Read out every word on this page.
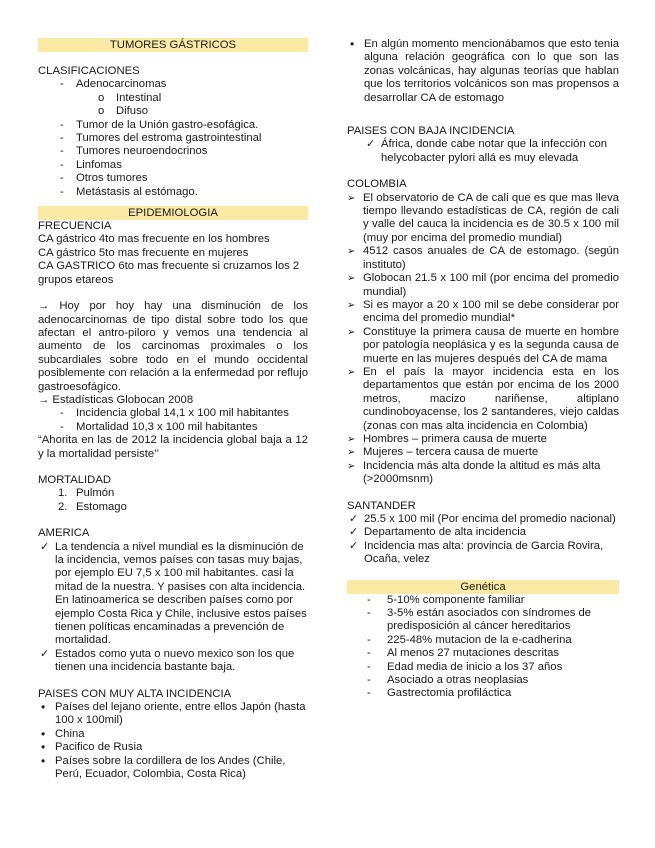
TUMORES GÁSTRICOS

CLASIFICACIONES

- Adenocarcinomas

o Intestinal

o Difuso

- Tumor de la Unión gastro-esofágica.

- Tumores del estroma gastrointestinal

- Tumores neuroendocrinos

- Linfomas

- Otros tumores

- Metástasis al estómago.

EPIDEMIOLOGIA

FRECUENCIA

CA gástrico 4to mas frecuente en los hombres

CA gástrico 5to mas frecuente en mujeres

CA GASTRICO 6to mas frecuente si cruzamos los 2 grupos etareos

→ Hoy por hoy hay una disminución de los adenocarcinomas de tipo distal sobre todo los que afectan el antro-piloro y vemos una tendencia al aumento de los carcinomas proximales o los subcardiales sobre todo en el mundo occidental posiblemente con relación a la enfermedad por reflujo gastroesofágico.

→ Estadísticas Globocan 2008

- Incidencia global 14,1 x 100 mil habitantes

- Mortalidad 10,3 x 100 mil habitantes

“Ahorita en las de 2012 la incidencia global baja a 12 y la mortalidad persiste’’

MORTALIDAD

1. Pulmón

2. Estomago

AMERICA

✓ La tendencia a nivel mundial es la disminución de la incidencia, vemos países con tasas muy bajas, por ejemplo EU 7,5 x 100 mil habitantes. casi la mitad de la nuestra. Y pasises con alta incidencia. En latinoamerica se describen países como por ejemplo Costa Rica y Chile, inclusive estos países tienen políticas encaminadas a prevención de mortalidad.

✓ Estados como yuta o nuevo mexico son los que tienen una incidencia bastante baja.

PAISES CON MUY ALTA INCIDENCIA

• Países del lejano oriente, entre ellos Japón (hasta 100 x 100mil)

• China

• Pacifico de Rusia

• Países sobre la cordillera de los Andes (Chile, Perú, Ecuador, Colombia, Costa Rica)

• En algún momento mencionábamos que esto tenia alguna relación geográfica con lo que son las zonas volcánicas, hay algunas teorías que hablan que los territorios volcánicos son mas propensos a desarrollar CA de estomago

PAISES CON BAJA INCIDENCIA

✓ África, donde cabe notar que la infección con helycobacter pylori allá es muy elevada

COLOMBIA

➢ El observatorio de CA de cali que es que mas lleva tiempo llevando estadísticas de CA, región de cali y valle del cauca la incidencia es de 30.5 x 100 mil (muy por encima del promedio mundial)

➢ 4512 casos anuales de CA de estomago. (según instituto)

➢ Globocan 21.5 x 100 mil (por encima del promedio mundial)

➢ Si es mayor a 20 x 100 mil se debe considerar por encima del promedio mundial*

➢ Constituye la primera causa de muerte en hombre por patología neoplásica y es la segunda causa de muerte en las mujeres después del CA de mama

➢ En el país la mayor incidencia esta en los departamentos que están por encima de los 2000 metros, macizo nariñense, altiplano cundinoboyacense, los 2 santanderes, viejo caldas (zonas con mas alta incidencia en Colombia)

➢ Hombres – primera causa de muerte

➢ Mujeres – tercera causa de muerte

➢ Incidencia más alta donde la altitud es más alta (>2000msnm)

SANTANDER

✓ 25.5 x 100 mil (Por encima del promedio nacional)

✓ Departamento de alta incidencia

✓ Incidencia mas alta: provincia de Garcia Rovira, Ocaña, velez

Genética

- 5-10% componente familiar

- 3-5% están asociados con síndromes de predisposición al cáncer hereditarios

- 225-48% mutacion de la e-cadherina

- Al menos 27 mutaciones descritas

- Edad media de inicio a los 37 años

- Asociado a otras neoplasias

- Gastrectomia profiláctica
